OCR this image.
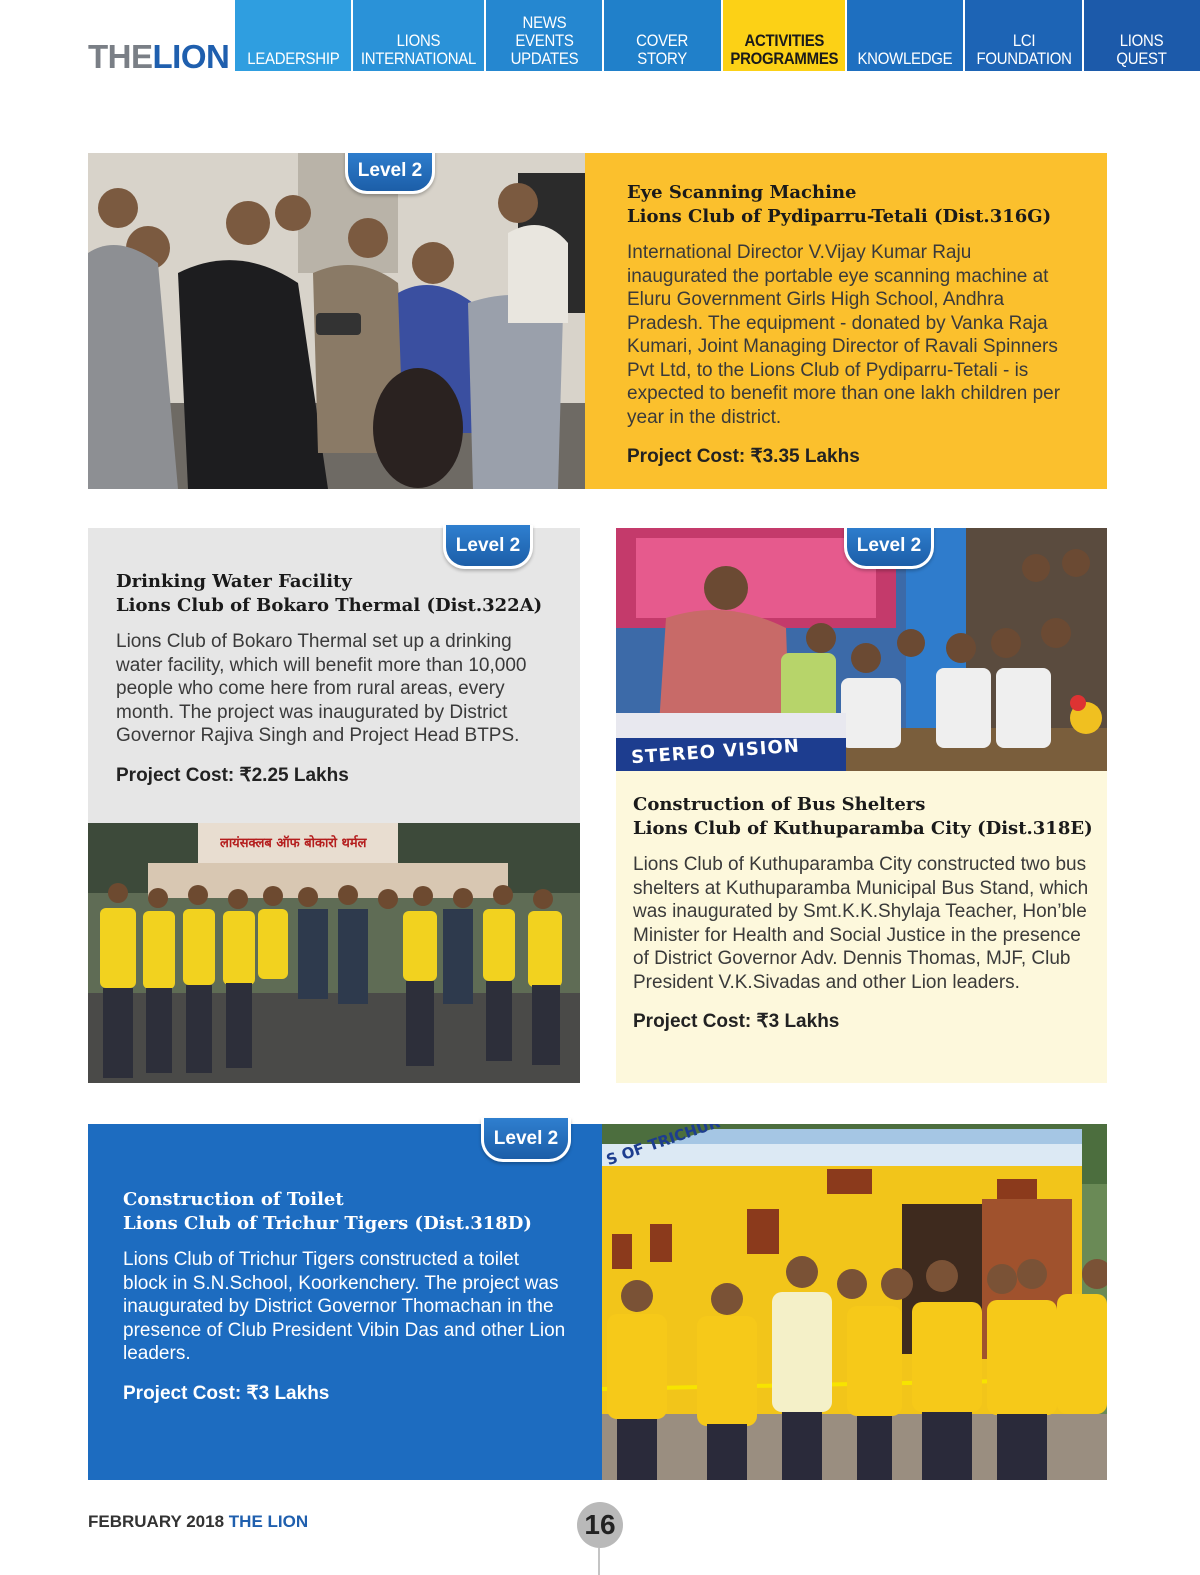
THELION LEADERSHIP
LIONS
INTERNATIONAL
NEWS
EVENTS
UPDATES
COVER STORY
ACTIVITIES
PROGRAMMES KNOWLEDGE
LCI
FOUNDATION
LIONS
QUEST
Level 2
Eye Scanning Machine
Lions Club of Pydiparru-Tetali (Dist.316G)
International Director V.Vijay Kumar Raju inaugurated the portable eye scanning machine at Eluru Government Girls High School, Andhra Pradesh. The equipment - donated by Vanka Raja Kumari, Joint Managing Director of Ravali Spinners Pvt Ltd, to the Lions Club of Pydiparru-Tetali - is expected to benefit more than one lakh children per year in the district.
Project Cost: ₹3.35 Lakhs
Level 2
Drinking Water Facility
Lions Club of Bokaro Thermal (Dist.322A)
Lions Club of Bokaro Thermal set up a drinking water facility, which will benefit more than 10,000 people who come here from rural areas, every month. The project was inaugurated by District Governor Rajiva Singh and Project Head BTPS.
Project Cost: ₹2.25 Lakhs
लायंसक्लब ऑफ बोकारो थर्मल
STEREO VISION
Level 2
Construction of Bus Shelters
Lions Club of Kuthuparamba City (Dist.318E)
Lions Club of Kuthuparamba City constructed two bus shelters at Kuthuparamba Municipal Bus Stand, which was inaugurated by Smt.K.K.Shylaja Teacher, Hon’ble Minister for Health and Social Justice in the presence of District Governor Adv. Dennis Thomas, MJF, Club President V.K.Sivadas and other Lion leaders.
Project Cost: ₹3 Lakhs
Construction of Toilet
Lions Club of Trichur Tigers (Dist.318D)
Lions Club of Trichur Tigers constructed a toilet block in S.N.School, Koorkenchery. The project was inaugurated by District Governor Thomachan in the presence of Club President Vibin Das and other Lion leaders.
Project Cost: ₹3 Lakhs
Level 2
FEBRUARY 2018 THE LION	16
